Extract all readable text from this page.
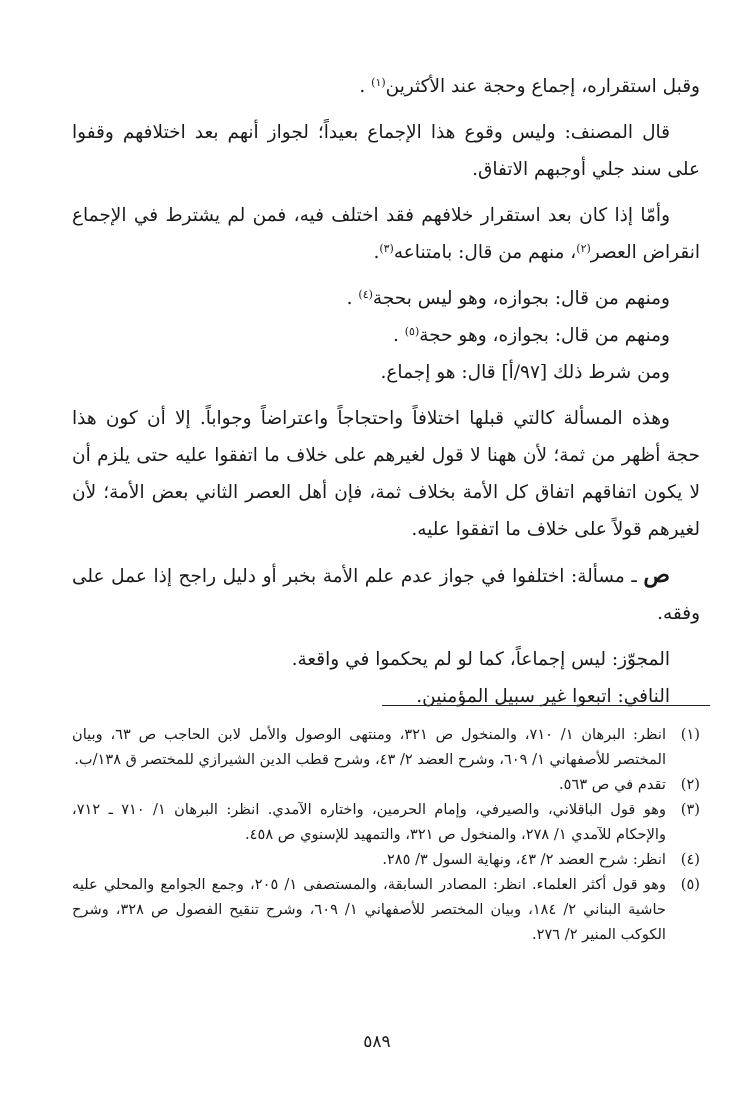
وقبل استقراره، إجماع وحجة عند الأكثرين$^{(١)}$ .

قال المصنف: وليس وقوع هذا الإجماع بعيداً؛ لجواز أنهم بعد اختلافهم وقفوا على سند جلي أوجبهم الاتفاق.

وأمّا إذا كان بعد استقرار خلافهم فقد اختلف فيه، فمن لم يشترط في الإجماع انقراض العصر$^{(٢)}$، منهم من قال: بامتناعه$^{(٣)}$.

ومنهم من قال: بجوازه، وهو ليس بحجة$^{(٤)}$ .

ومنهم من قال: بجوازه، وهو حجة$^{(٥)}$ .

ومن شرط ذلك [٩٧/أ] قال: هو إجماع.

وهذه المسألة كالتي قبلها اختلافاً واحتجاجاً واعتراضاً وجواباً. إلا أن كون هذا حجة أظهر من ثمة؛ لأن ههنا لا قول لغيرهم على خلاف ما اتفقوا عليه حتى يلزم أن لا يكون اتفاقهم اتفاق كل الأمة بخلاف ثمة، فإن أهل العصر الثاني بعض الأمة؛ لأن لغيرهم قولاً على خلاف ما اتفقوا عليه.

ص ـ مسألة: اختلفوا في جواز عدم علم الأمة بخبر أو دليل راجح إذا عمل على وفقه.

المجوّز: ليس إجماعاً، كما لو لم يحكموا في واقعة.

النافي: اتبعوا غير سبيل المؤمنين.

(١)
انظر: البرهان ١/ ٧١٠، والمنخول ص ٣٢١، ومنتهى الوصول والأمل لابن الحاجب ص ٦٣، وبيان المختصر للأصفهاني ١/ ٦٠٩، وشرح العضد ٢/ ٤٣، وشرح قطب الدين الشيرازي للمختصر ق ١٣٨/ب.
(٢)
تقدم في ص ٥٦٣.
(٣)
وهو قول الباقلاني، والصيرفي، وإمام الحرمين، واختاره الآمدي. انظر: البرهان ١/ ٧١٠ ـ ٧١٢، والإحكام للآمدي ١/ ٢٧٨، والمنخول ص ٣٢١، والتمهيد للإسنوي ص ٤٥٨.
(٤)
انظر: شرح العضد ٢/ ٤٣، ونهاية السول ٣/ ٢٨٥.
(٥)
وهو قول أكثر العلماء. انظر: المصادر السابقة، والمستصفى ١/ ٢٠٥، وجمع الجوامع والمحلي عليه حاشية البناني ٢/ ١٨٤، وبيان المختصر للأصفهاني ١/ ٦٠٩، وشرح تنقيح الفصول ص ٣٢٨، وشرح الكوكب المنير ٢/ ٢٧٦.
٥٨٩
